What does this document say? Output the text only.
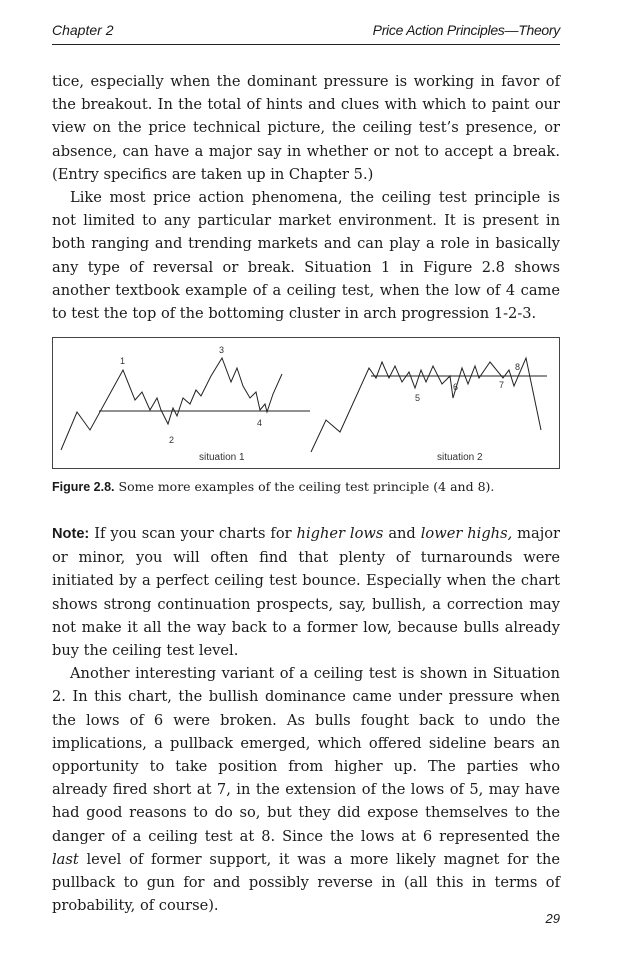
Chapter 2	Price Action Principles—Theory

tice, especially when the dominant pressure is working in favor of the breakout. In the total of hints and clues with which to paint our view on the price technical picture, the ceiling test’s presence, or absence, can have a major say in whether or not to accept a break. (Entry specifics are taken up in Chapter 5.)

Like most price action phenomena, the ceiling test principle is not limited to any particular market environment. It is present in both ranging and trending markets and can play a role in basically any type of reversal or break. Situation 1 in Figure 2.8 shows another textbook example of a ceiling test, when the low of 4 came to test the top of the bottoming cluster in arch progression 1-2-3.

1
2
3
4
situation 1
5
6	7
8
situation 2
Figure 2.8. Some more examples of the ceiling test principle (4 and 8).

Note: If you scan your charts for higher lows and lower highs, major or minor, you will often find that plenty of turnarounds were initiated by a perfect ceiling test bounce. Especially when the chart shows strong continuation prospects, say, bullish, a correction may not make it all the way back to a former low, because bulls already buy the ceiling test level.

Another interesting variant of a ceiling test is shown in Situation 2. In this chart, the bullish dominance came under pressure when the lows of 6 were broken. As bulls fought back to undo the implications, a pullback emerged, which offered sideline bears an opportunity to take position from higher up. The parties who already fired short at 7, in the extension of the lows of 5, may have had good reasons to do so, but they did expose themselves to the danger of a ceiling test at 8. Since the lows at 6 represented the last level of former support, it was a more likely magnet for the pullback to gun for and possibly reverse in (all this in terms of probability, of course).

29
